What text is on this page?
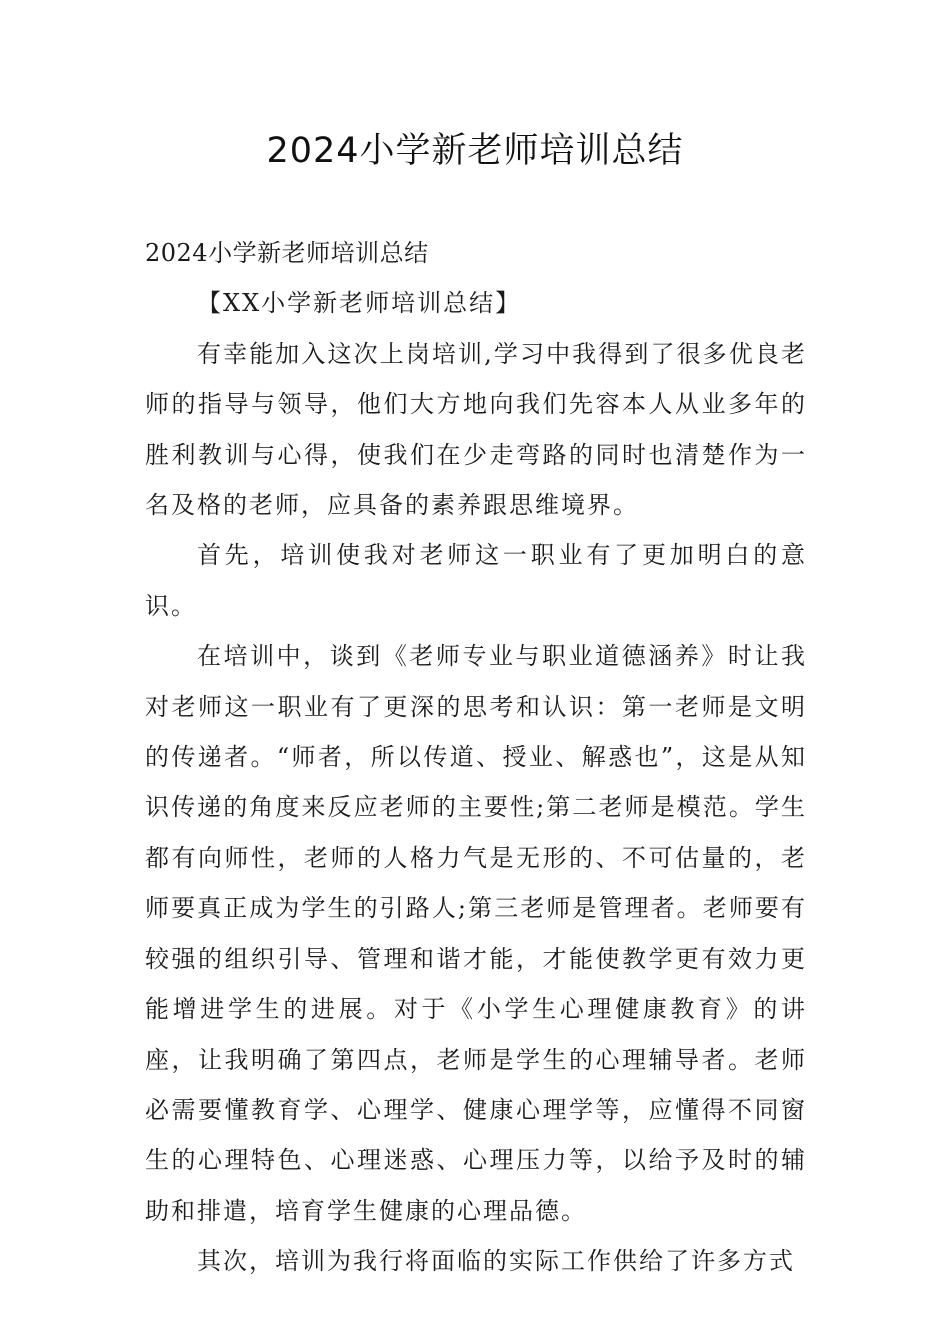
2024小学新老师培训总结

2024小学新老师培训总结

【XX小学新老师培训总结】

有幸能加入这次上岗培训,学习中我得到了很多优良老师的指导与领导，他们大方地向我们先容本人从业多年的胜利教训与心得，使我们在少走弯路的同时也清楚作为一名及格的老师，应具备的素养跟思维境界。

首先，培训使我对老师这一职业有了更加明白的意识。

在培训中，谈到《老师专业与职业道德涵养》时让我对老师这一职业有了更深的思考和认识：第一老师是文明的传递者。“师者，所以传道、授业、解惑也”，这是从知识传递的角度来反应老师的主要性;第二老师是模范。学生都有向师性，老师的人格力气是无形的、不可估量的，老师要真正成为学生的引路人;第三老师是管理者。老师要有较强的组织引导、管理和谐才能，才能使教学更有效力更能增进学生的进展。对于《小学生心理健康教育》的讲座，让我明确了第四点，老师是学生的心理辅导者。老师必需要懂教育学、心理学、健康心理学等，应懂得不同窗生的心理特色、心理迷惑、心理压力等，以给予及时的辅助和排遣，培育学生健康的心理品德。

其次，培训为我行将面临的实际工作供给了许多方式
